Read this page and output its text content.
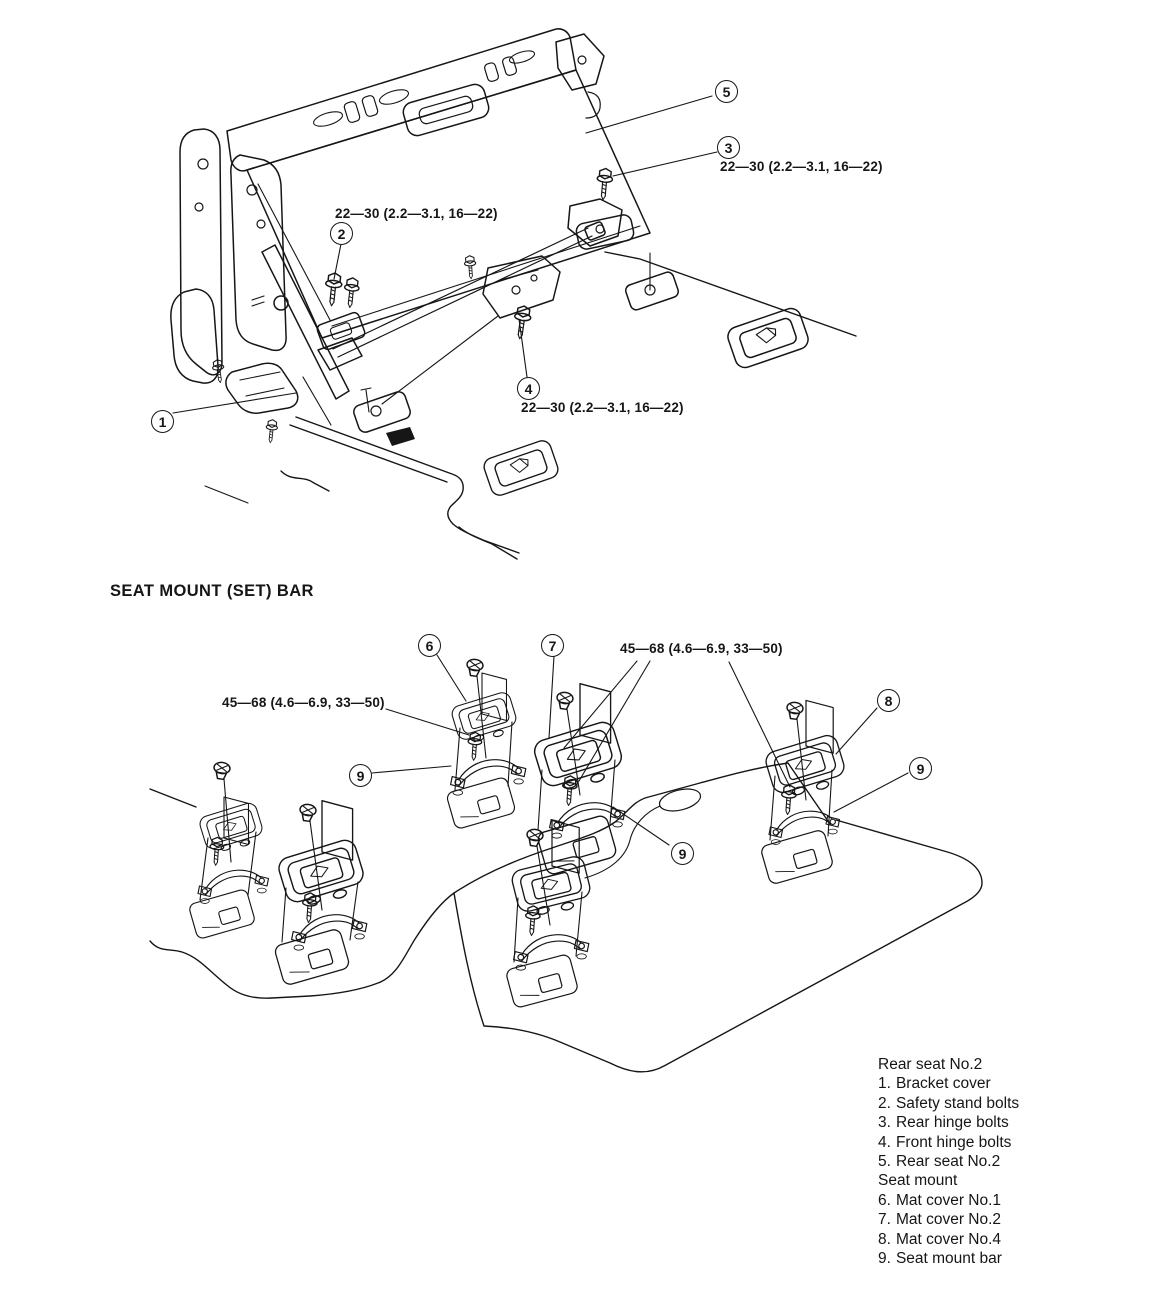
22—30 (2.2—3.1, 16—22)
22—30 (2.2—3.1, 16—22)
22—30 (2.2—3.1, 16—22)
SEAT MOUNT (SET) BAR
45—68 (4.6—6.9, 33—50)
45—68 (4.6—6.9, 33—50)
1
2
3
4
5
6	7
8
9
9
9
Rear seat No.2
1. Bracket cover
2. Safety stand bolts
3. Rear hinge bolts
4. Front hinge bolts
5. Rear seat No.2
Seat mount
6. Mat cover No.1
7. Mat cover No.2
8. Mat cover No.4
9. Seat mount bar
